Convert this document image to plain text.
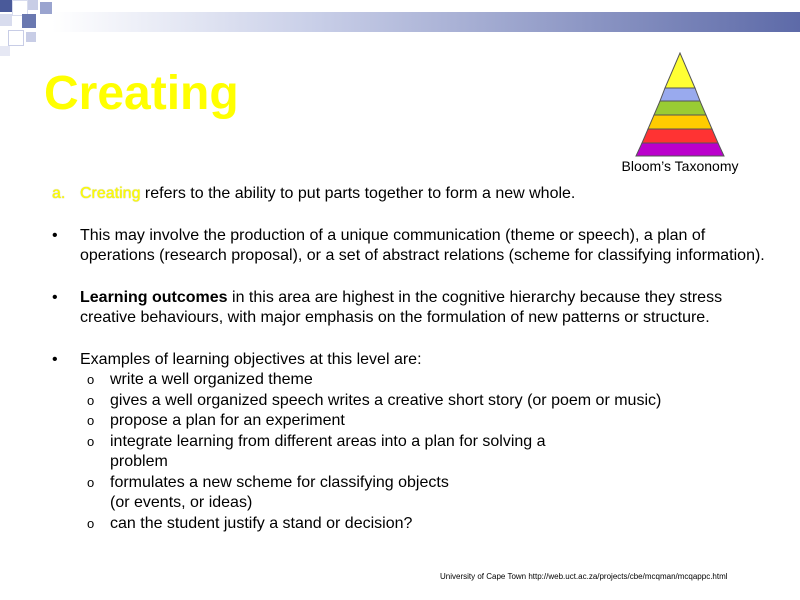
Creating
Bloom’s Taxonomy
a. Creating refers to the ability to put parts together to form a new whole.
• This may involve the production of a unique communication (theme or speech), a plan of operations (research proposal), or a set of abstract relations (scheme for classifying information).
• Learning outcomes in this area are highest in the cognitive hierarchy because they stress creative behaviours, with major emphasis on the formulation of new patterns or structure.
• Examples of learning objectives at this level are:
o write a well organized theme
o gives a well organized speech writes a creative short story (or poem or music)
o propose a plan for an experiment
o integrate learning from different areas into a plan for solving a problem
o formulates a new scheme for classifying objects (or events, or ideas)
o can the student justify a stand or decision?
University of Cape Town http://web.uct.ac.za/projects/cbe/mcqman/mcqappc.html
